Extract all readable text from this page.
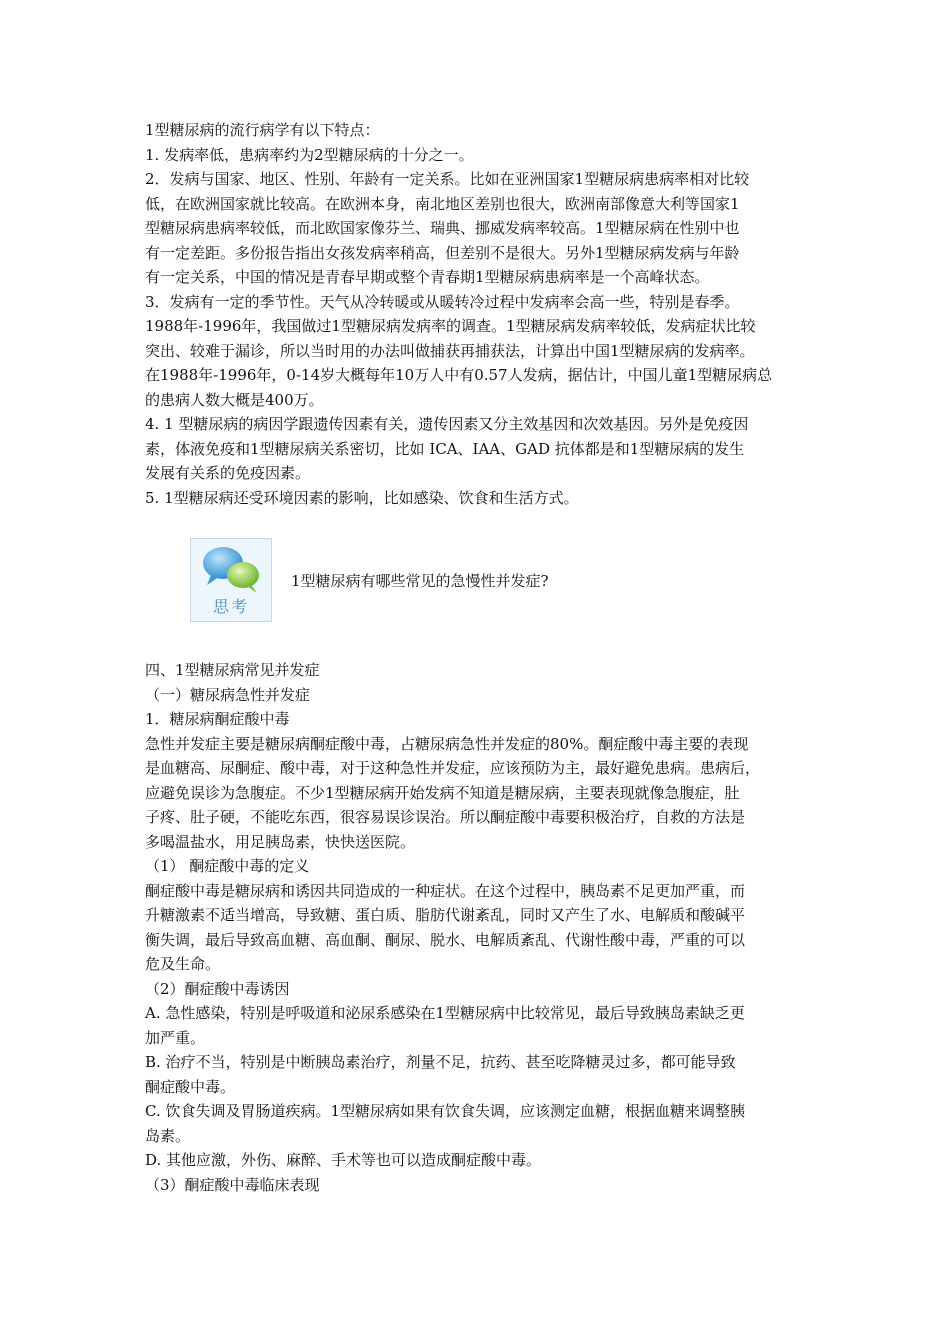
1型糖尿病的流行病学有以下特点：

1. 发病率低，患病率约为2型糖尿病的十分之一。

2．发病与国家、地区、性别、年龄有一定关系。比如在亚洲国家1型糖尿病患病率相对比较

低，在欧洲国家就比较高。在欧洲本身，南北地区差别也很大，欧洲南部像意大利等国家1

型糖尿病患病率较低，而北欧国家像芬兰、瑞典、挪威发病率较高。1型糖尿病在性别中也

有一定差距。多份报告指出女孩发病率稍高，但差别不是很大。另外1型糖尿病发病与年龄

有一定关系，中国的情况是青春早期或整个青春期1型糖尿病患病率是一个高峰状态。

3．发病有一定的季节性。天气从冷转暖或从暖转冷过程中发病率会高一些，特别是春季。

1988年-1996年，我国做过1型糖尿病发病率的调查。1型糖尿病发病率较低，发病症状比较

突出、较难于漏诊，所以当时用的办法叫做捕获再捕获法，计算出中国1型糖尿病的发病率。

在1988年-1996年，0-14岁大概每年10万人中有0.57人发病，据估计，中国儿童1型糖尿病总

的患病人数大概是400万。

4. 1 型糖尿病的病因学跟遗传因素有关，遗传因素又分主效基因和次效基因。另外是免疫因

素，体液免疫和1型糖尿病关系密切，比如 ICA、IAA、GAD 抗体都是和1型糖尿病的发生

发展有关系的免疫因素。

5. 1型糖尿病还受环境因素的影响，比如感染、饮食和生活方式。

思考
1型糖尿病有哪些常见的急慢性并发症?

四、1型糖尿病常见并发症

（一）糖尿病急性并发症

1．糖尿病酮症酸中毒

急性并发症主要是糖尿病酮症酸中毒，占糖尿病急性并发症的80%。酮症酸中毒主要的表现

是血糖高、尿酮症、酸中毒，对于这种急性并发症，应该预防为主，最好避免患病。患病后，

应避免误诊为急腹症。不少1型糖尿病开始发病不知道是糖尿病，主要表现就像急腹症，肚

子疼、肚子硬，不能吃东西，很容易误诊误治。所以酮症酸中毒要积极治疗，自救的方法是

多喝温盐水，用足胰岛素，快快送医院。

（1） 酮症酸中毒的定义

酮症酸中毒是糖尿病和诱因共同造成的一种症状。在这个过程中，胰岛素不足更加严重，而

升糖激素不适当增高，导致糖、蛋白质、脂肪代谢紊乱，同时又产生了水、电解质和酸碱平

衡失调，最后导致高血糖、高血酮、酮尿、脱水、电解质紊乱、代谢性酸中毒，严重的可以

危及生命。

（2）酮症酸中毒诱因

A. 急性感染，特别是呼吸道和泌尿系感染在1型糖尿病中比较常见，最后导致胰岛素缺乏更

加严重。

B. 治疗不当，特别是中断胰岛素治疗，剂量不足，抗药、甚至吃降糖灵过多，都可能导致

酮症酸中毒。

C. 饮食失调及胃肠道疾病。1型糖尿病如果有饮食失调，应该测定血糖，根据血糖来调整胰

岛素。

D. 其他应激，外伤、麻醉、手术等也可以造成酮症酸中毒。

（3）酮症酸中毒临床表现
